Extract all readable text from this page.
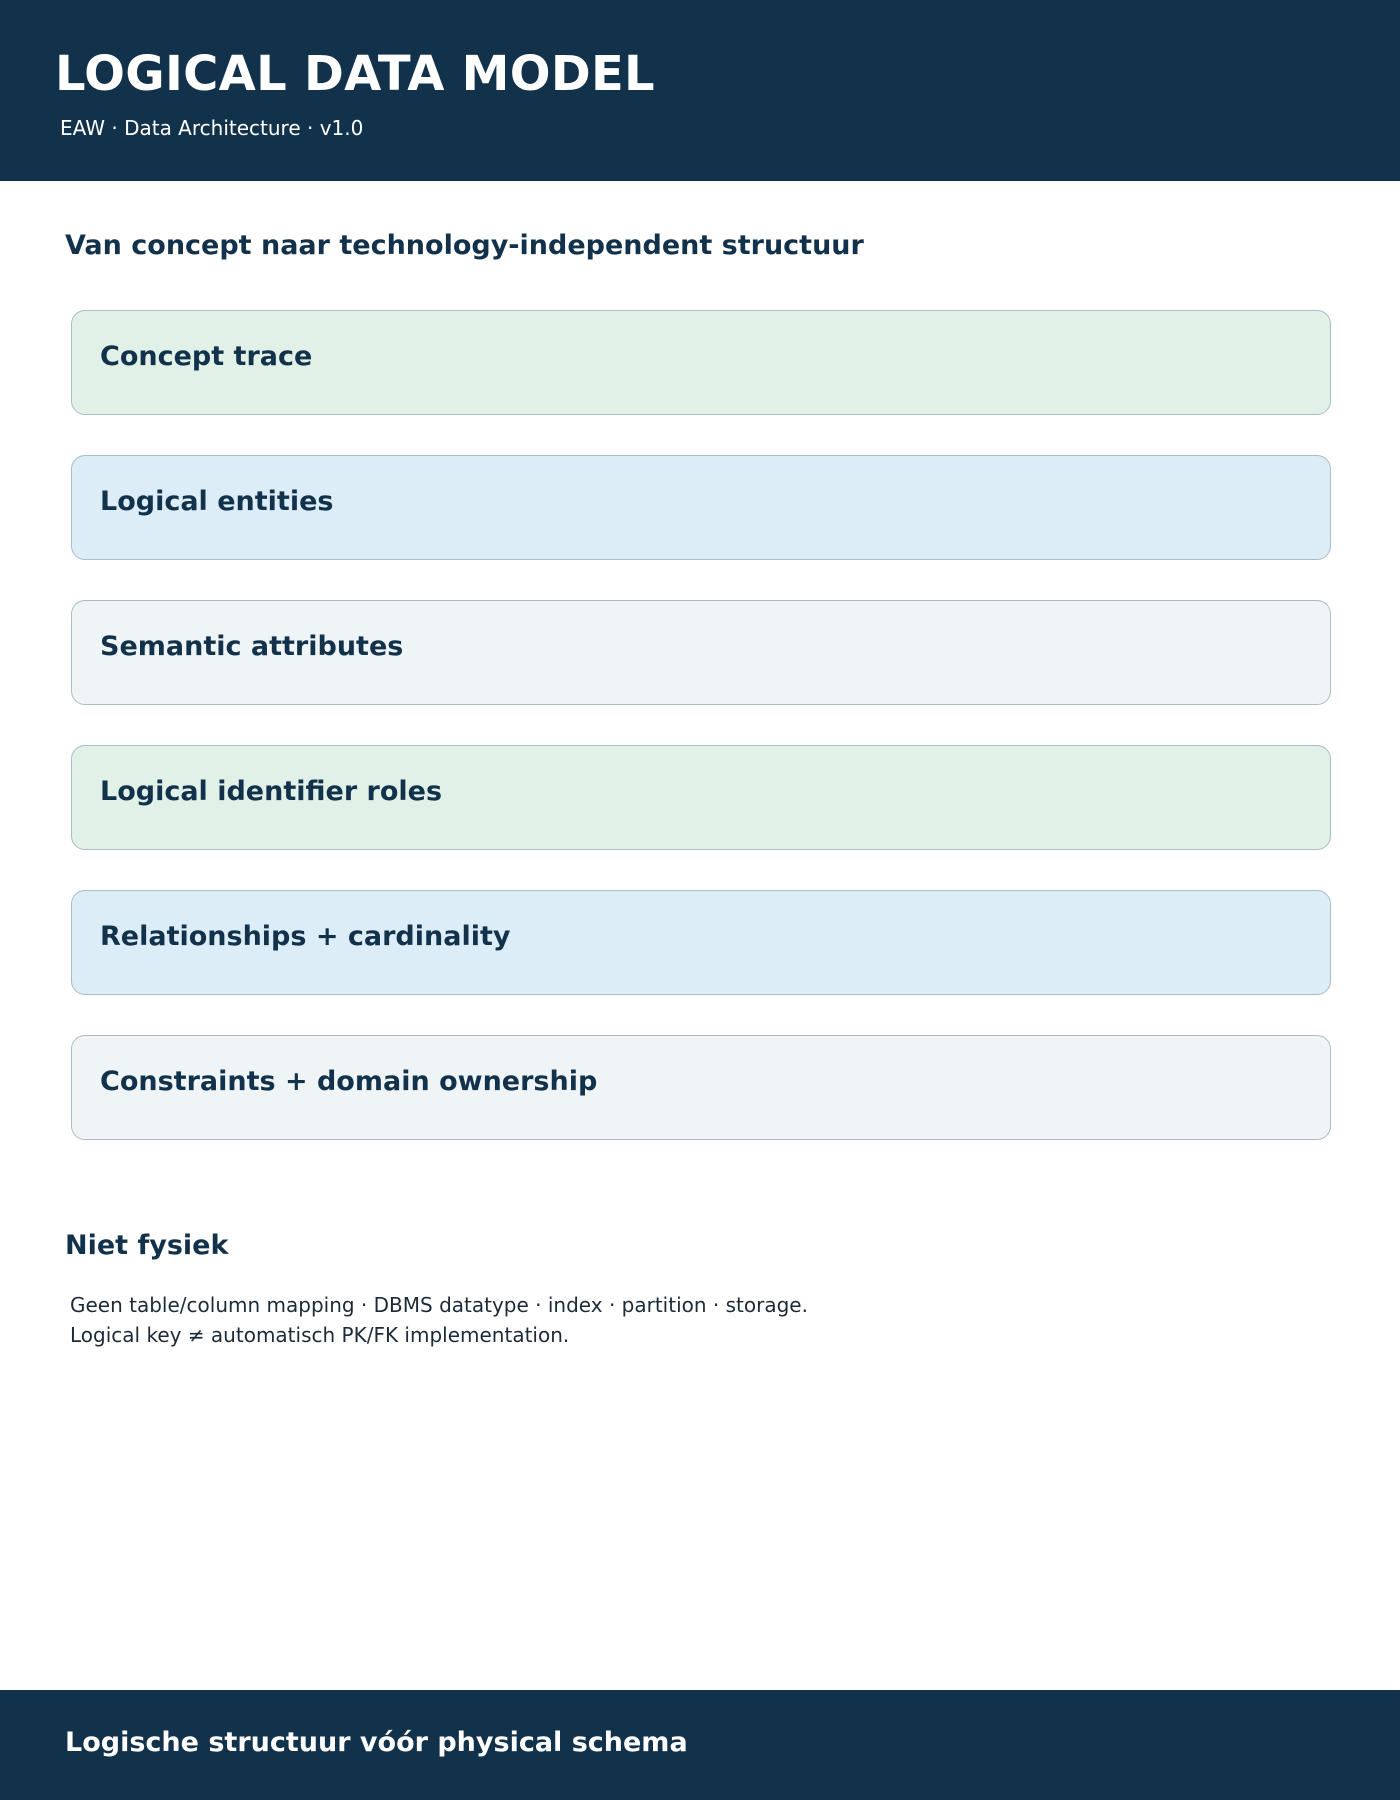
LOGICAL DATA MODEL
EAW · Data Architecture · v1.0
Van concept naar technology-independent structuur
Concept trace
Logical entities
Semantic attributes
Logical identifier roles
Relationships + cardinality
Constraints + domain ownership
Niet fysiek
Geen table/column mapping · DBMS datatype · index · partition · storage.
Logical key ≠ automatisch PK/FK implementation.
Logische structuur vóór physical schema
